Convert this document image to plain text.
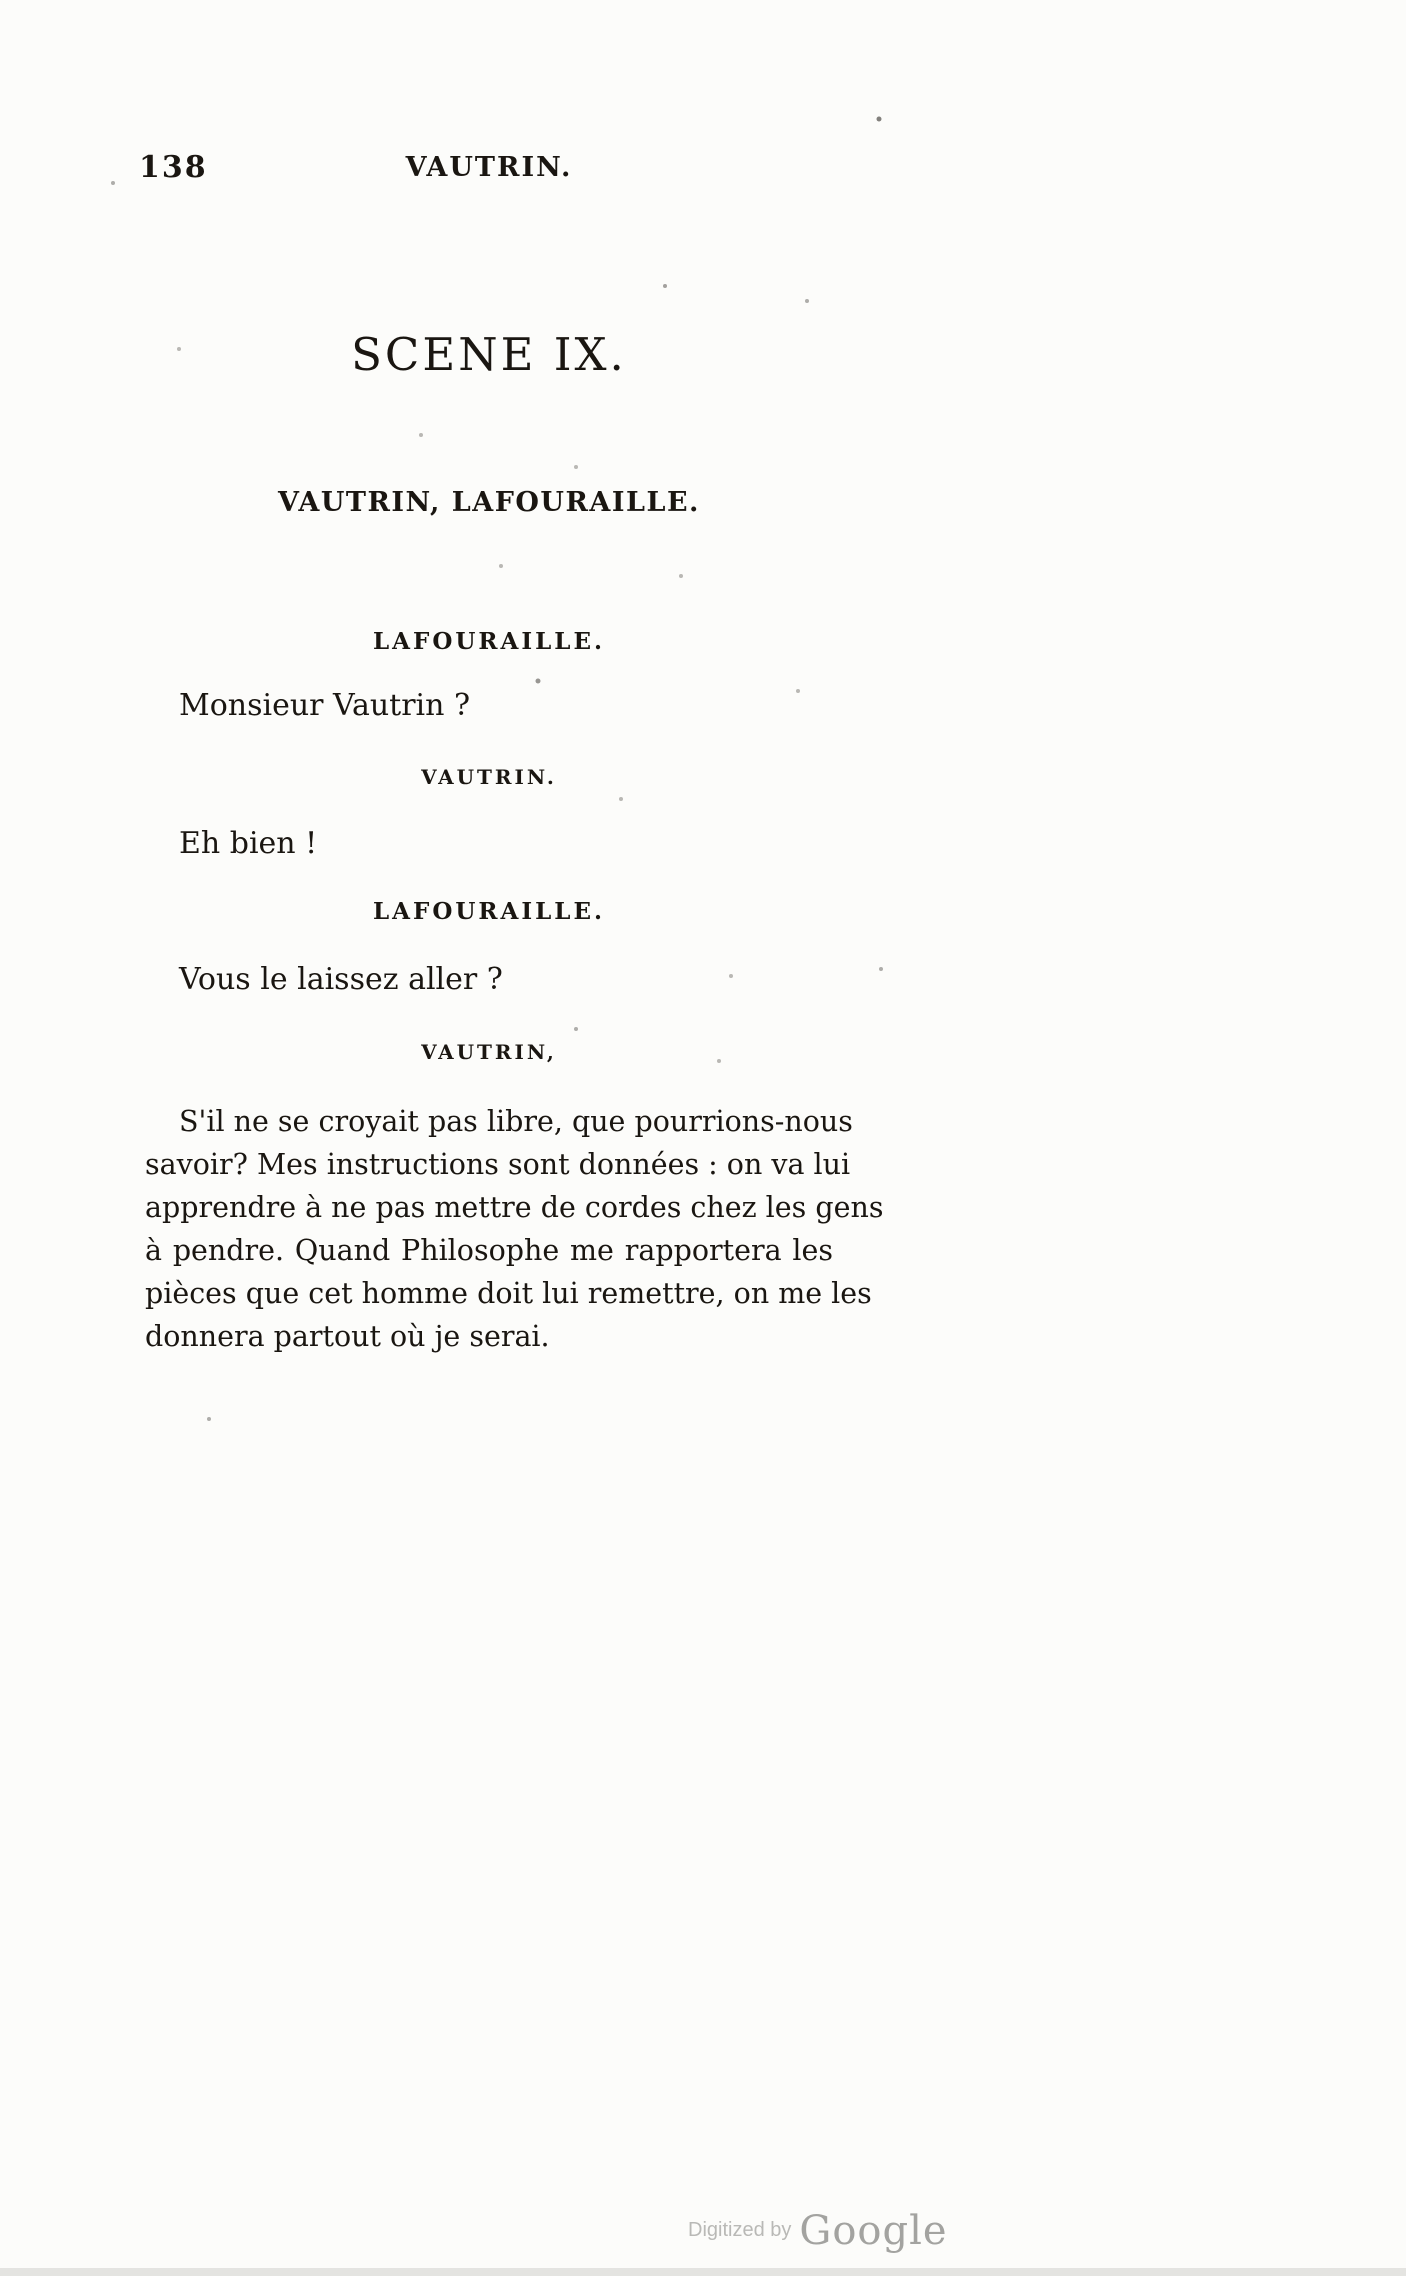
138	VAUTRIN.
SCENE IX.
VAUTRIN, LAFOURAILLE.
LAFOURAILLE.
Monsieur Vautrin ?
VAUTRIN.
Eh bien !
LAFOURAILLE.
Vous le laissez aller ?
VAUTRIN,
S'il ne se croyait pas libre, que pourrions-nous
savoir? Mes instructions sont données : on va lui
apprendre à ne pas mettre de cordes chez les gens
à pendre. Quand Philosophe me rapportera les
pièces que cet homme doit lui remettre, on me les
donnera partout où je serai.
Digitized by Google
